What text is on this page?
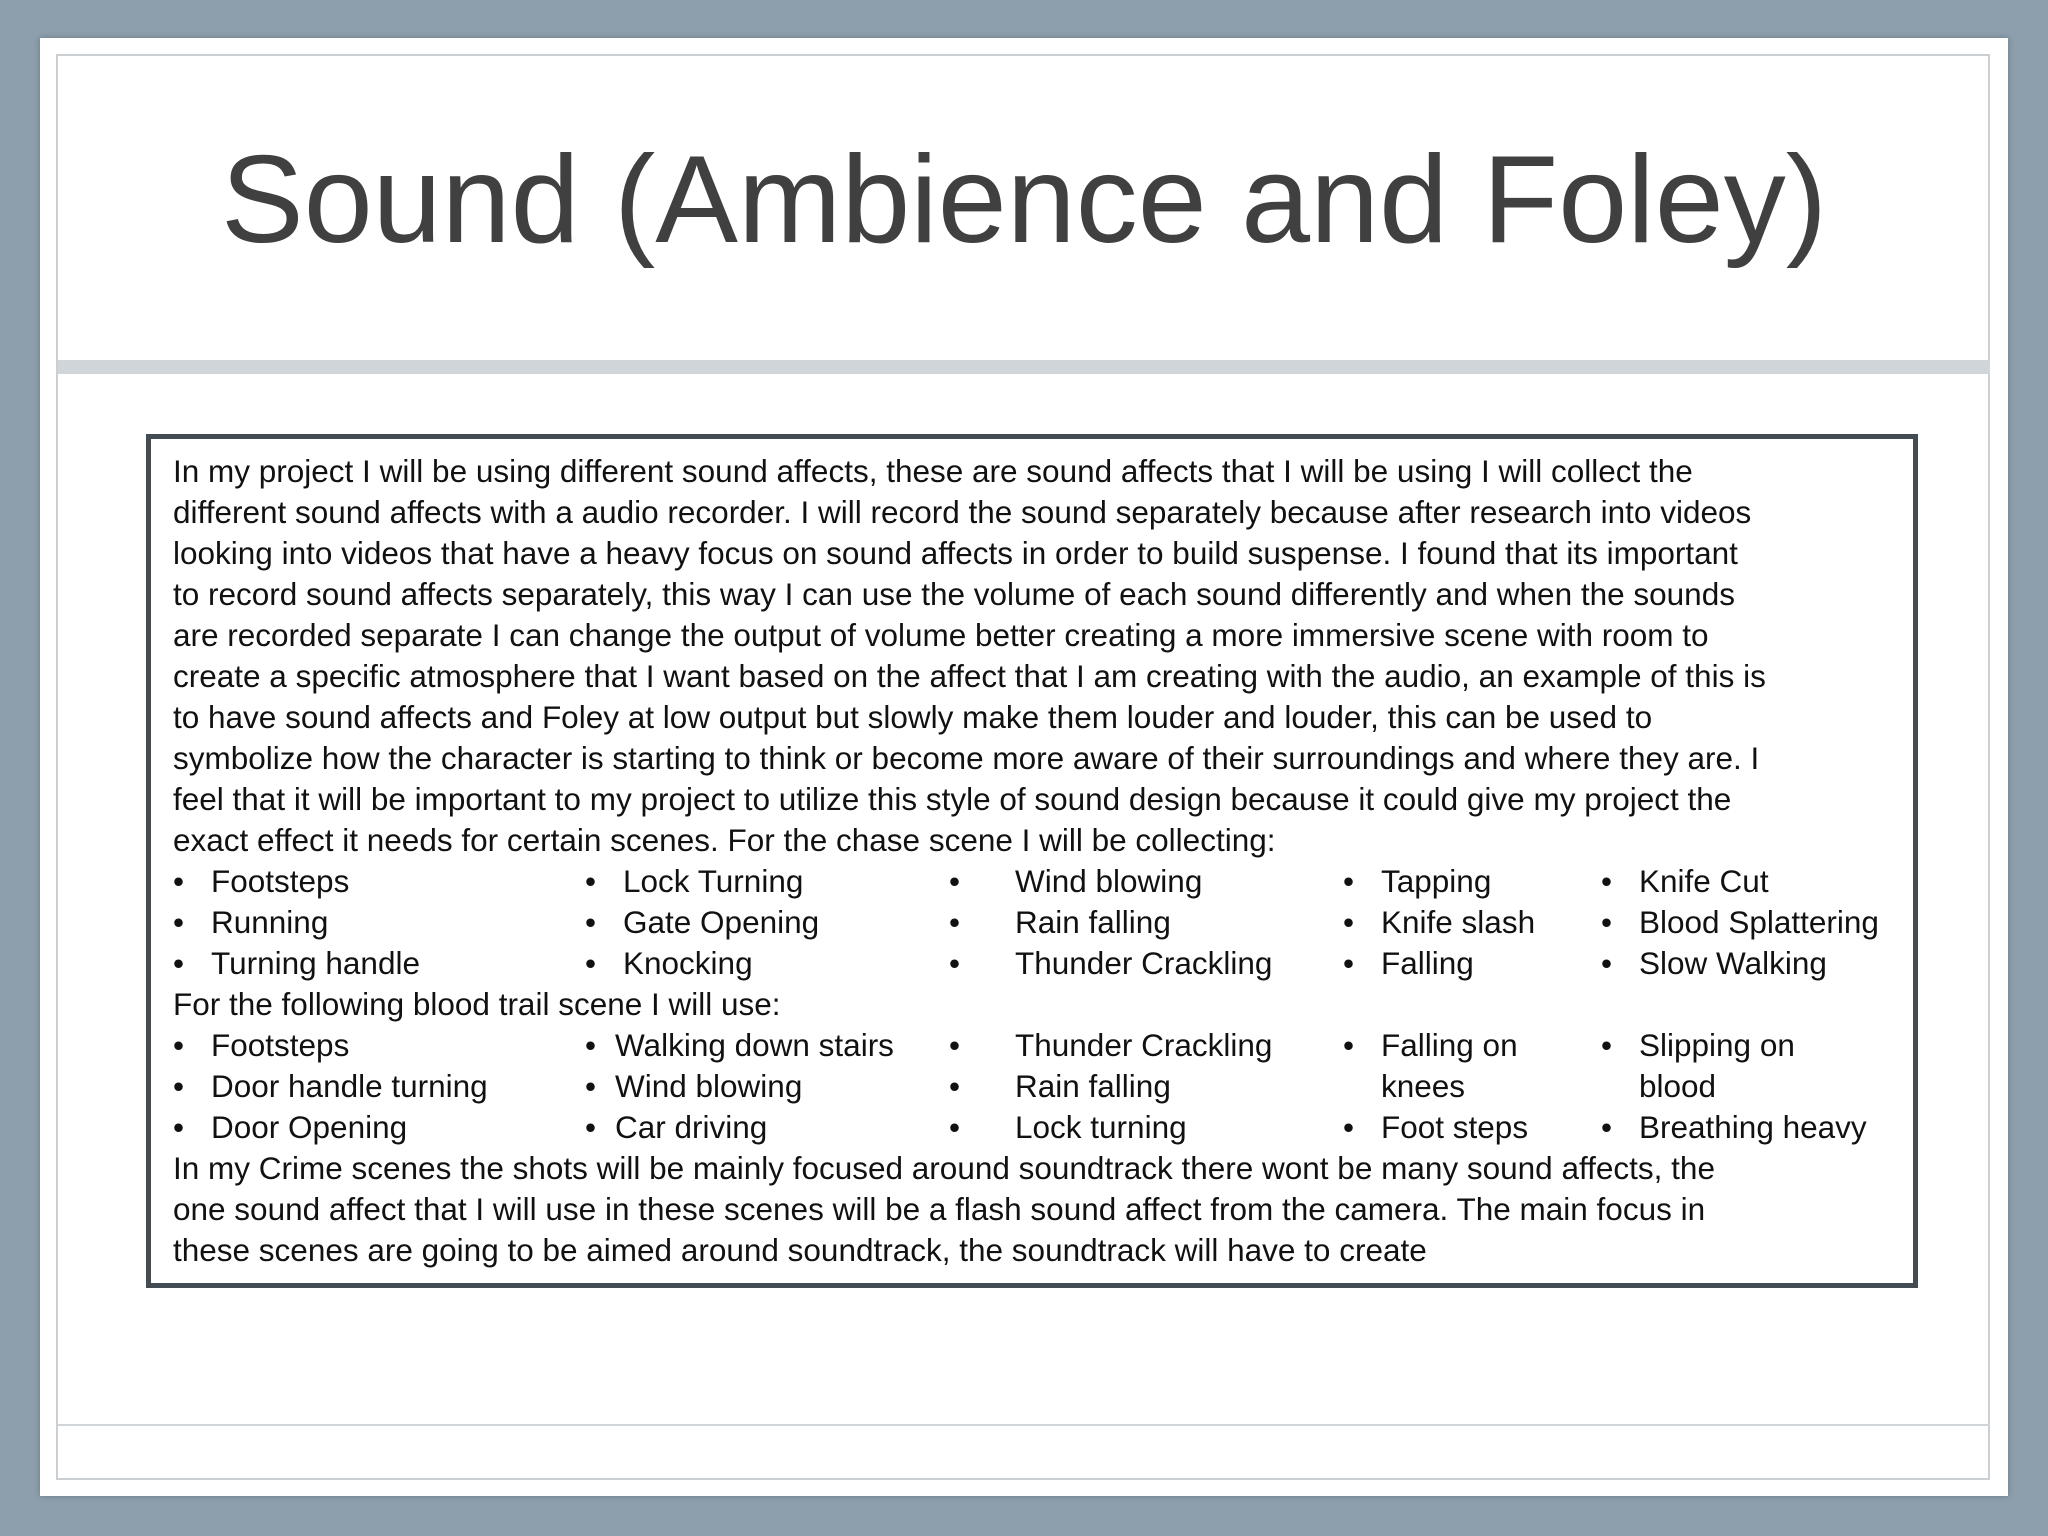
Sound (Ambience and Foley)

In my project I will be using different sound affects, these are sound affects that I will be using I will collect the
different sound affects with a audio recorder. I will record the sound separately because after research into videos
looking into videos that have a heavy focus on sound affects in order to build suspense. I found that its important
to record sound affects separately, this way I can use the volume of each sound differently and when the sounds
are recorded separate I can change the output of volume better creating a more immersive scene with room to
create a specific atmosphere that I want based on the affect that I am creating with the audio, an example of this is
to have sound affects and Foley at low output but slowly make them louder and louder, this can be used to
symbolize how the character is starting to think or become more aware of their surroundings and where they are. I
feel that it will be important to my project to utilize this style of sound design because it could give my project the
exact effect it needs for certain scenes. For the chase scene I will be collecting:

• Footsteps
• Running
• Turning handle
• Lock Turning
• Gate Opening
• Knocking
•	Wind blowing
•	Rain falling
•	Thunder Crackling
• Tapping
• Knife slash
• Falling
• Knife Cut
• Blood Splattering
• Slow Walking

For the following blood trail scene I will use:

• Footsteps
• Door handle turning
• Door Opening
• Walking down stairs
• Wind blowing
• Car driving
•	Thunder Crackling
•	Rain falling
•	Lock turning
• Falling on knees
• Foot steps
• Slipping on blood
• Breathing heavy

In my Crime scenes the shots will be mainly focused around soundtrack there wont be many sound affects, the
one sound affect that I will use in these scenes will be a flash sound affect from the camera. The main focus in
these scenes are going to be aimed around soundtrack, the soundtrack will have to create
